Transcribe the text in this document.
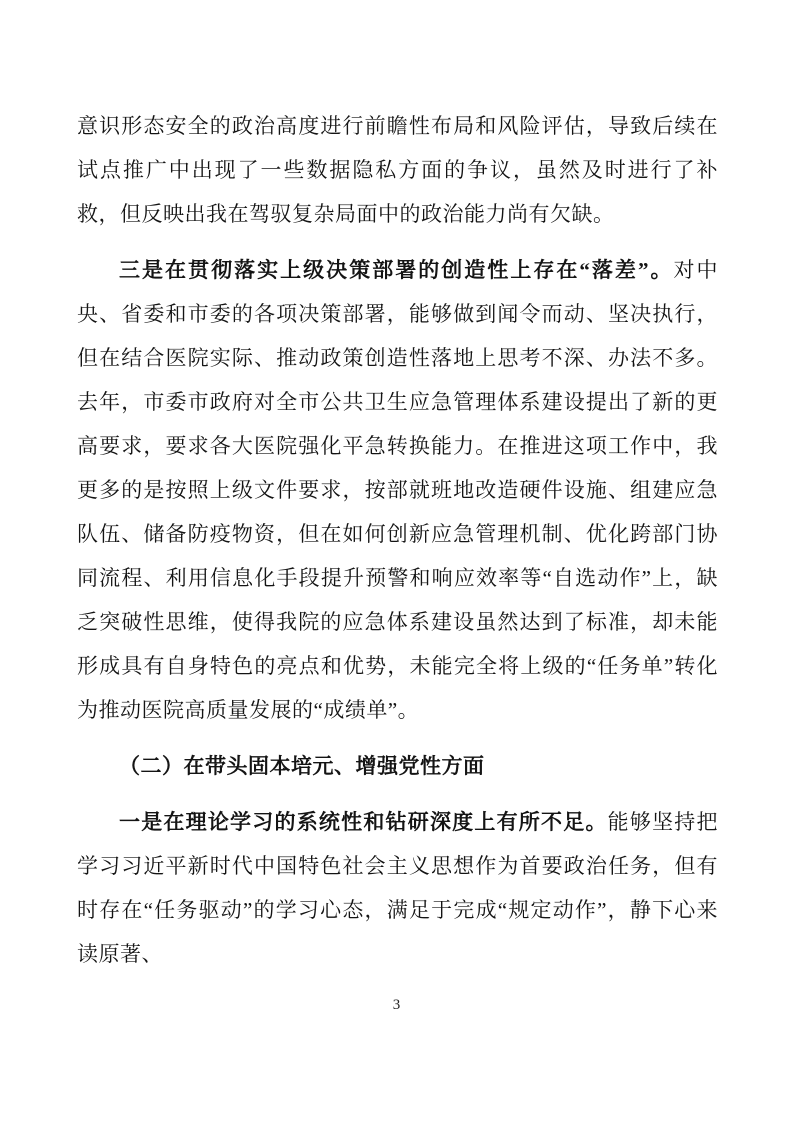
意识形态安全的政治高度进行前瞻性布局和风险评估，导致后续在试点推广中出现了一些数据隐私方面的争议，虽然及时进行了补救，但反映出我在驾驭复杂局面中的政治能力尚有欠缺。

三是在贯彻落实上级决策部署的创造性上存在“落差”。对中央、省委和市委的各项决策部署，能够做到闻令而动、坚决执行，但在结合医院实际、推动政策创造性落地上思考不深、办法不多。去年，市委市政府对全市公共卫生应急管理体系建设提出了新的更高要求，要求各大医院强化平急转换能力。在推进这项工作中，我更多的是按照上级文件要求，按部就班地改造硬件设施、组建应急队伍、储备防疫物资，但在如何创新应急管理机制、优化跨部门协同流程、利用信息化手段提升预警和响应效率等“自选动作”上，缺乏突破性思维，使得我院的应急体系建设虽然达到了标准，却未能形成具有自身特色的亮点和优势，未能完全将上级的“任务单”转化为推动医院高质量发展的“成绩单”。

（二）在带头固本培元、增强党性方面

一是在理论学习的系统性和钻研深度上有所不足。能够坚持把学习习近平新时代中国特色社会主义思想作为首要政治任务，但有时存在“任务驱动”的学习心态，满足于完成“规定动作”，静下心来读原著、

3
